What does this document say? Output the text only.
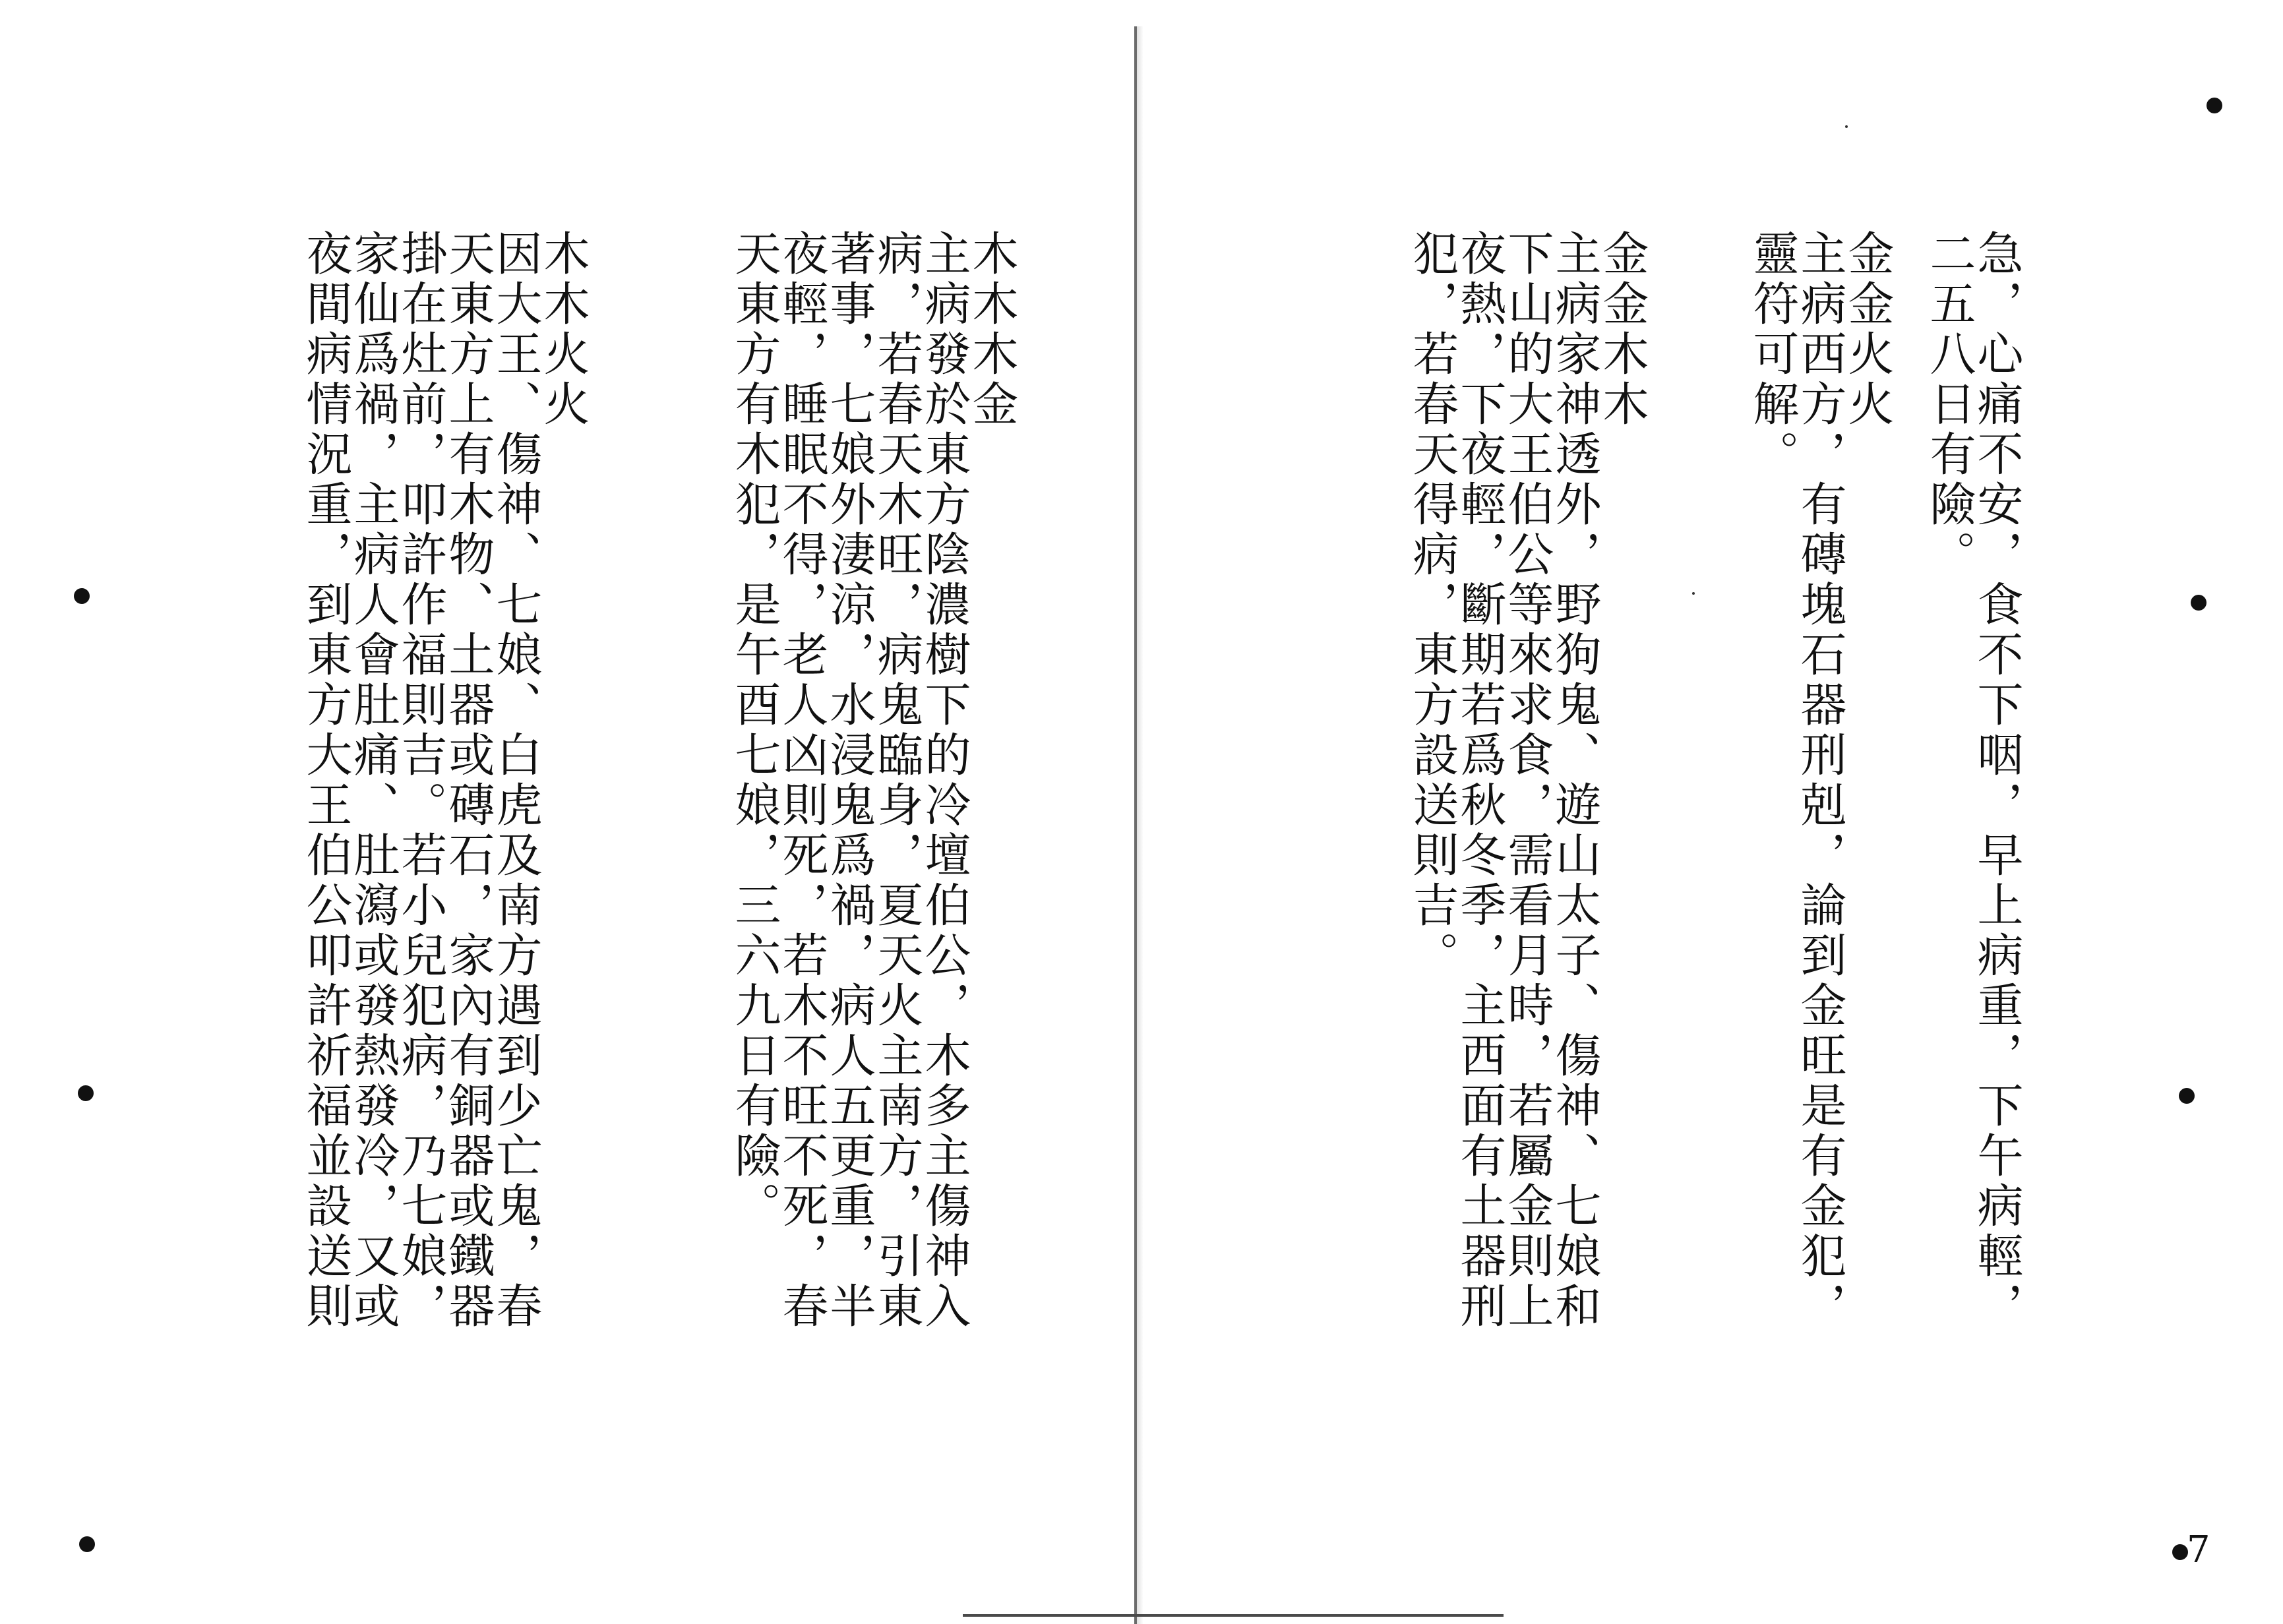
木木木金
主病發於東方陰濃樹下的冷壇伯公，木多主傷神入
病，若春天木旺，病鬼臨身，夏天火主南方，引東
著事，七娘外淒涼，水浸鬼爲禍，病人五更重，半
夜輕，睡眠不得，老人凶則死，若木不旺不死，春
天東方有木犯，是午酉七娘，三六九日有險。
木木火火
因大王、傷神、七娘、白虎及南方遇到少亡鬼，春
天東方上有木物、土器或磚石，家內有銅器或鐵器
掛在灶前，叩許作福則吉。若小兒犯病，乃七娘，
家仙爲禍，主病人會肚痛、肚瀉或發熱發冷，又或
夜間病情況重，到東方大王伯公叩許祈福並設送則	急，心痛不安，食不下咽，早上病重，下午病輕，
二五八日有險。
金金火火
主病西方，有磚塊石器刑剋，論到金旺是有金犯，
靈符可解。
金金木木
主病家神透外，野狗鬼、遊山太子、傷神、七娘和
下山的大王伯公等來求食，需看月時，若屬金則上
夜熱，下夜輕，斷期若爲秋冬季，主西面有土器刑
犯，若春天得病，東方設送則吉。
7
